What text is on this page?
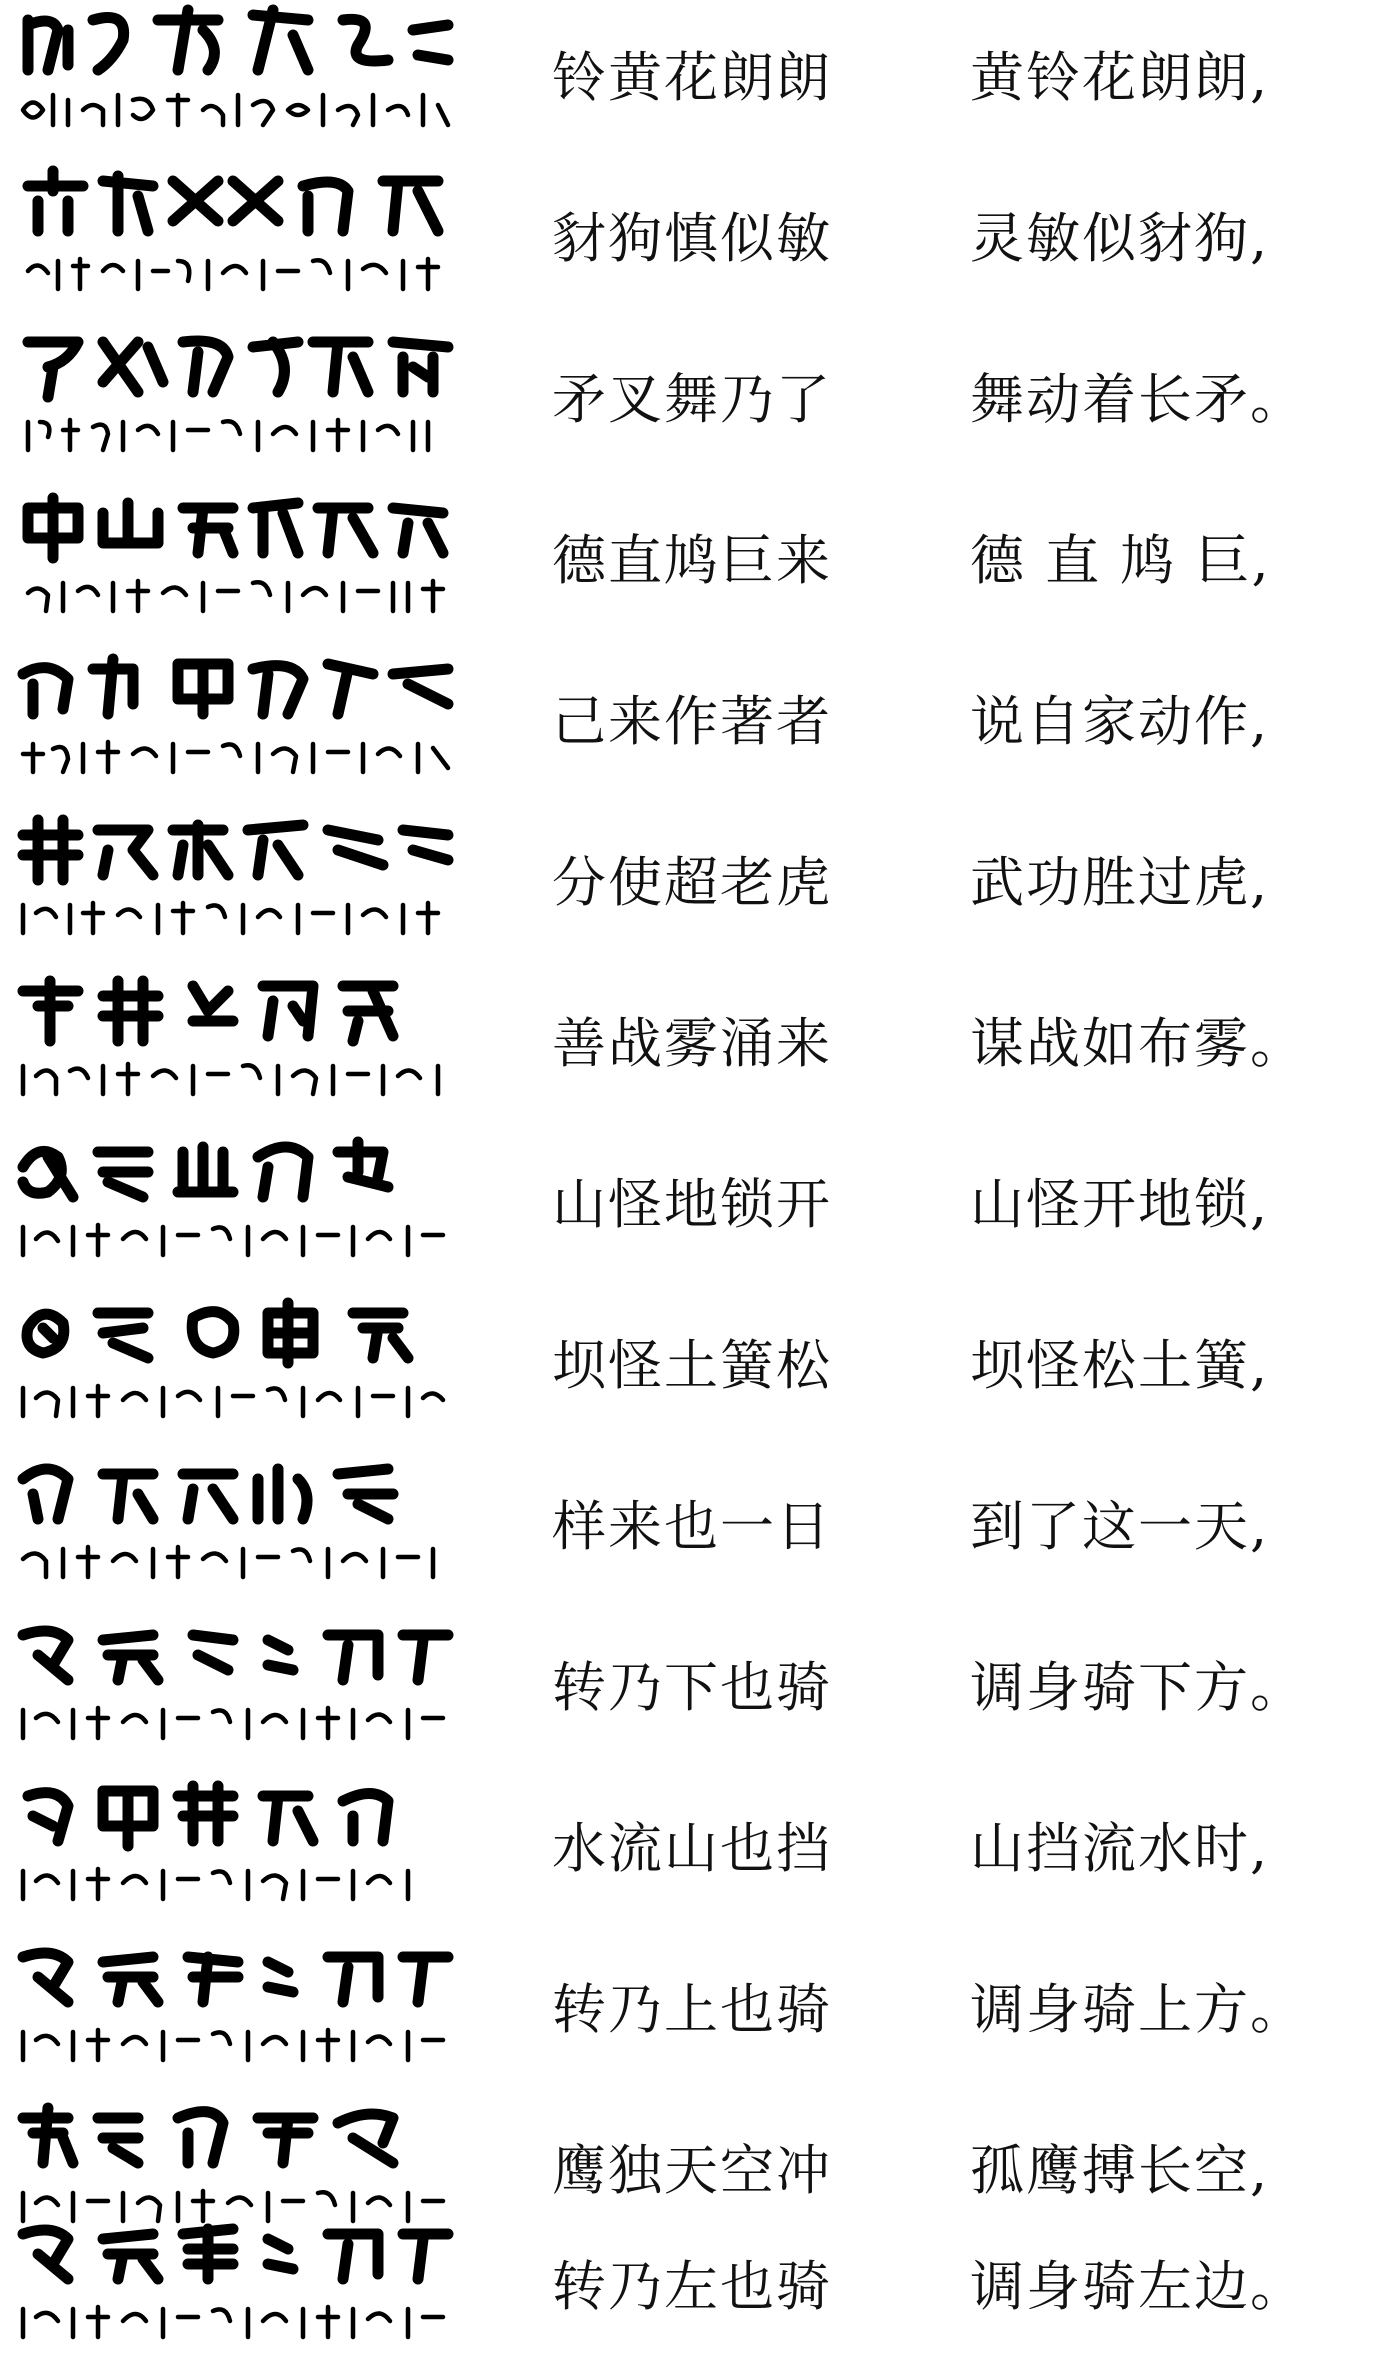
铃黄花朗朗	黄铃花朗朗,
豺狗慎似敏	灵敏似豺狗,
矛叉舞乃了	舞动着长矛。
德直鸠巨来	德 直 鸠 巨,
己来作著者	说自家动作,
分使超老虎	武功胜过虎,
善战雾涌来	谋战如布雾。
山怪地锁开	山怪开地锁,
坝怪土簧松	坝怪松土簧,
样来也一日	到了这一天,
转乃下也骑	调身骑下方。
水流山也挡	山挡流水时,
转乃上也骑	调身骑上方。
鹰独天空冲	孤鹰搏长空,
转乃左也骑	调身骑左边。
